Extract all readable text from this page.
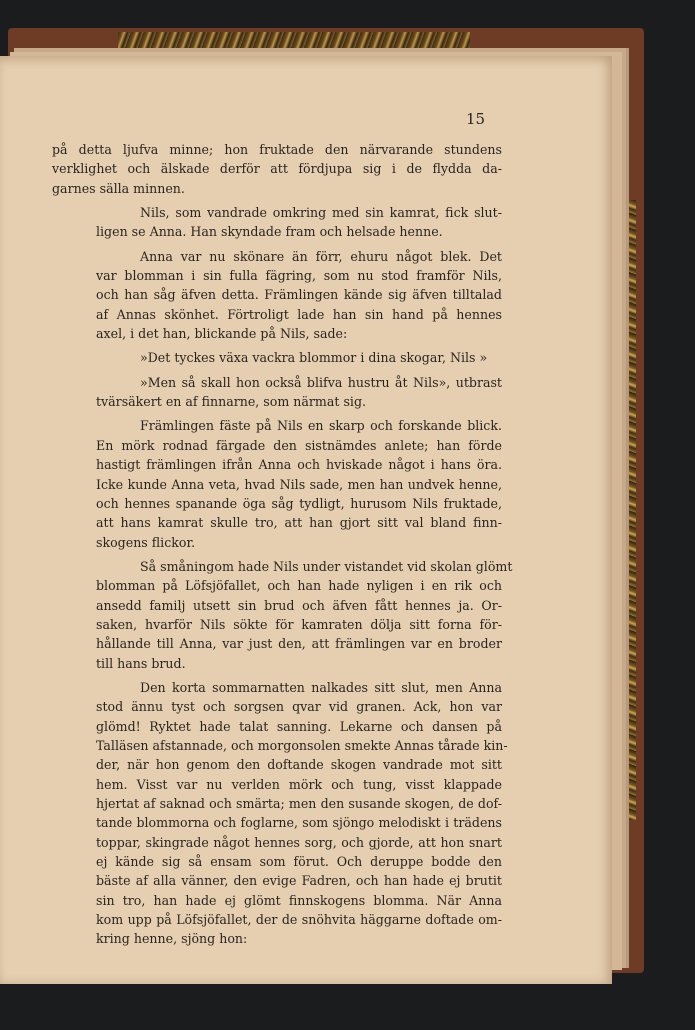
15

på detta ljufva minne; hon fruktade den närvarande stundens
verklighet och älskade derför att fördjupa sig i de flydda da-
garnes sälla minnen.

Nils, som vandrade omkring med sin kamrat, fick slut-
ligen se Anna. Han skyndade fram och helsade henne.

Anna var nu skönare än förr, ehuru något blek. Det
var blomman i sin fulla fägring, som nu stod framför Nils,
och han såg äfven detta. Främlingen kände sig äfven tilltalad
af Annas skönhet. Förtroligt lade han sin hand på hennes
axel, i det han, blickande på Nils, sade:

»Det tyckes växa vackra blommor i dina skogar, Nils »

»Men så skall hon också blifva hustru åt Nils», utbrast
tvärsäkert en af finnarne, som närmat sig.

Främlingen fäste på Nils en skarp och forskande blick.
En mörk rodnad färgade den sistnämdes anlete; han förde
hastigt främlingen ifrån Anna och hviskade något i hans öra.
Icke kunde Anna veta, hvad Nils sade, men han undvek henne,
och hennes spanande öga såg tydligt, hurusom Nils fruktade,
att hans kamrat skulle tro, att han gjort sitt val bland finn-
skogens flickor.

Så småningom hade Nils under vistandet vid skolan glömt
blomman på Löfsjöfallet, och han hade nyligen i en rik och
ansedd familj utsett sin brud och äfven fått hennes ja. Or-
saken, hvarför Nils sökte för kamraten dölja sitt forna för-
hållande till Anna, var just den, att främlingen var en broder
till hans brud.

Den korta sommarnatten nalkades sitt slut, men Anna
stod ännu tyst och sorgsen qvar vid granen. Ack, hon var
glömd! Ryktet hade talat sanning. Lekarne och dansen på
Talläsen afstannade, och morgonsolen smekte Annas tårade kin-
der, när hon genom den doftande skogen vandrade mot sitt
hem. Visst var nu verlden mörk och tung, visst klappade
hjertat af saknad och smärta; men den susande skogen, de dof-
tande blommorna och foglarne, som sjöngo melodiskt i trädens
toppar, skingrade något hennes sorg, och gjorde, att hon snart
ej kände sig så ensam som förut. Och deruppe bodde den
bäste af alla vänner, den evige Fadren, och han hade ej brutit
sin tro, han hade ej glömt finnskogens blomma. När Anna
kom upp på Löfsjöfallet, der de snöhvita häggarne doftade om-
kring henne, sjöng hon:
